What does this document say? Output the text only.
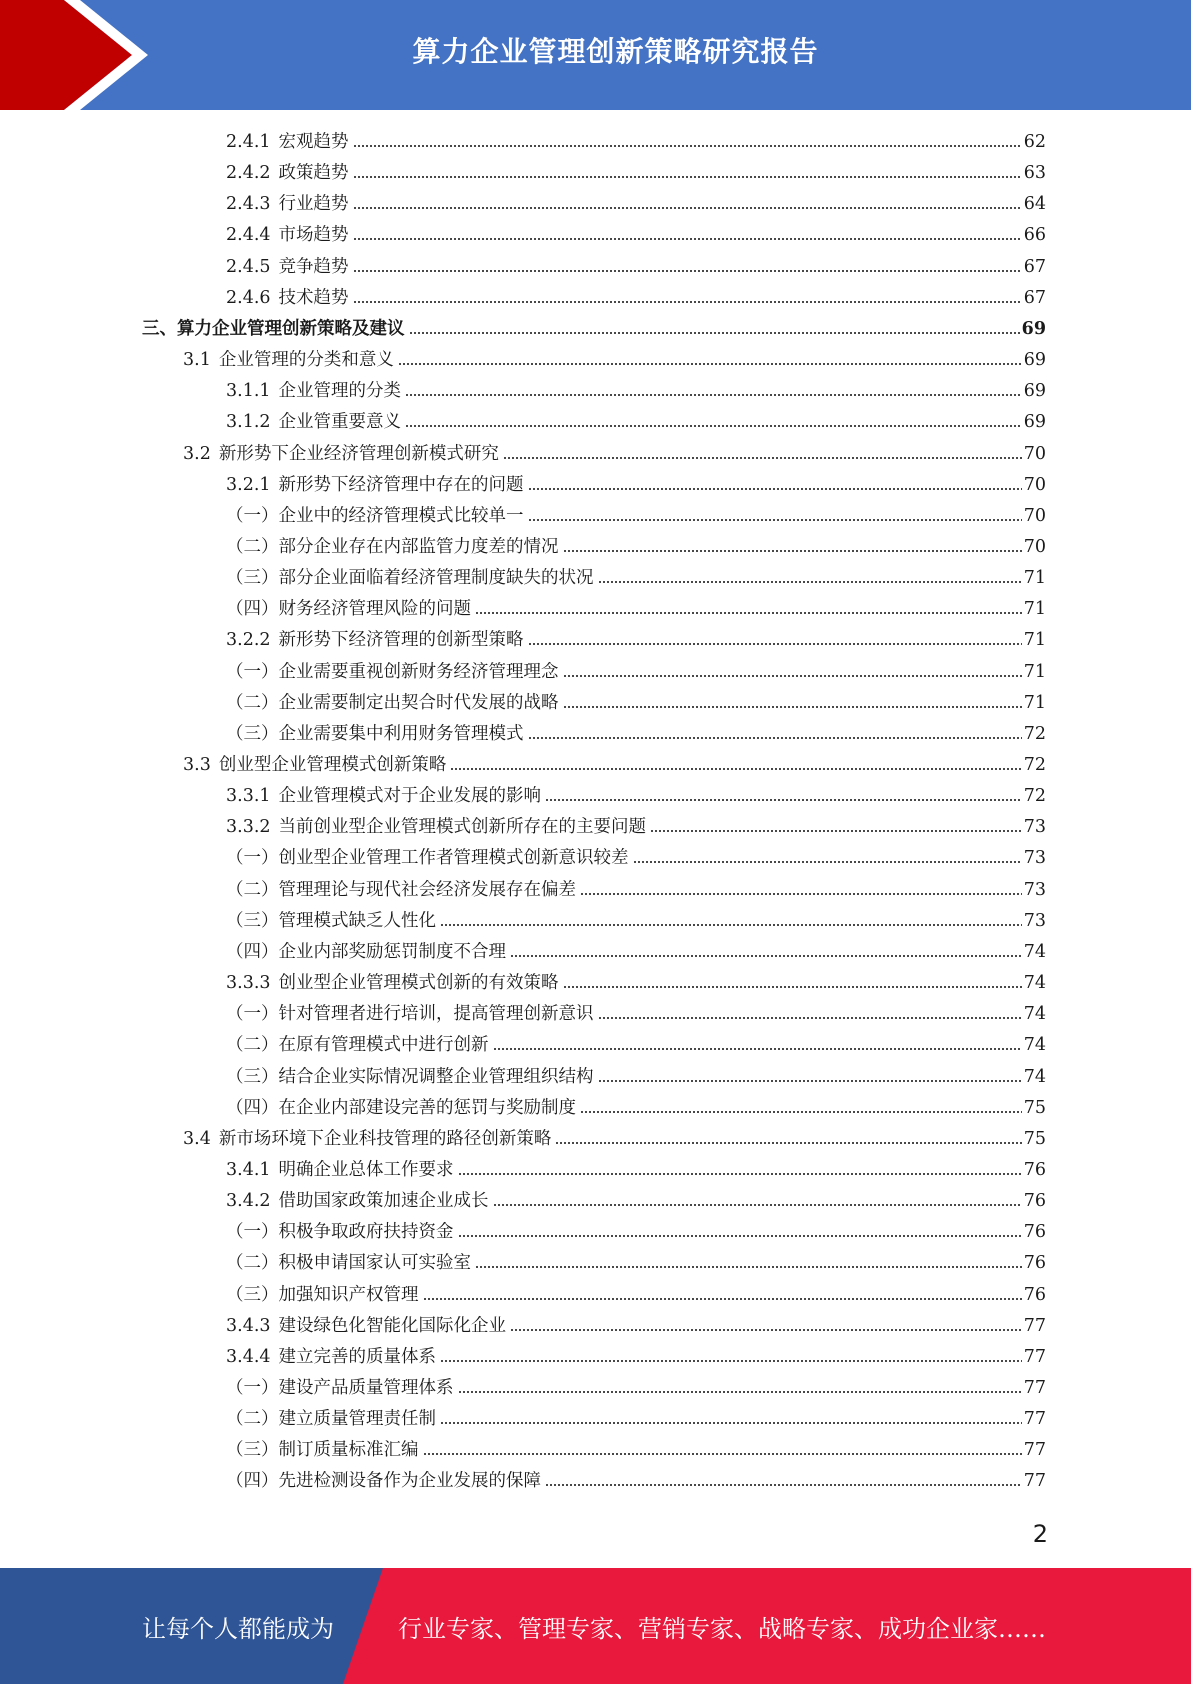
算力企业管理创新策略研究报告
2.4.1 宏观趋势	62
2.4.2 政策趋势	63
2.4.3 行业趋势	64
2.4.4 市场趋势	66
2.4.5 竞争趋势	67
2.4.6 技术趋势	67
三、算力企业管理创新策略及建议	69
3.1 企业管理的分类和意义	69
3.1.1 企业管理的分类	69
3.1.2 企业管重要意义	69
3.2 新形势下企业经济管理创新模式研究	70
3.2.1 新形势下经济管理中存在的问题	70
（一）企业中的经济管理模式比较单一	70
（二）部分企业存在内部监管力度差的情况	70
（三）部分企业面临着经济管理制度缺失的状况	71
（四）财务经济管理风险的问题	71
3.2.2 新形势下经济管理的创新型策略	71
（一）企业需要重视创新财务经济管理理念	71
（二）企业需要制定出契合时代发展的战略	71
（三）企业需要集中利用财务管理模式	72
3.3 创业型企业管理模式创新策略	72
3.3.1 企业管理模式对于企业发展的影响	72
3.3.2 当前创业型企业管理模式创新所存在的主要问题	73
（一）创业型企业管理工作者管理模式创新意识较差	73
（二）管理理论与现代社会经济发展存在偏差	73
（三）管理模式缺乏人性化	73
（四）企业内部奖励惩罚制度不合理	74
3.3.3 创业型企业管理模式创新的有效策略	74
（一）针对管理者进行培训，提高管理创新意识	74
（二）在原有管理模式中进行创新	74
（三）结合企业实际情况调整企业管理组织结构	74
（四）在企业内部建设完善的惩罚与奖励制度	75
3.4 新市场环境下企业科技管理的路径创新策略	75
3.4.1 明确企业总体工作要求	76
3.4.2 借助国家政策加速企业成长	76
（一）积极争取政府扶持资金	76
（二）积极申请国家认可实验室	76
（三）加强知识产权管理	76
3.4.3 建设绿色化智能化国际化企业	77
3.4.4 建立完善的质量体系	77
（一）建设产品质量管理体系	77
（二）建立质量管理责任制	77
（三）制订质量标准汇编	77
（四）先进检测设备作为企业发展的保障	77
2
让每个人都能成为	行业专家、管理专家、营销专家、战略专家、成功企业家……
